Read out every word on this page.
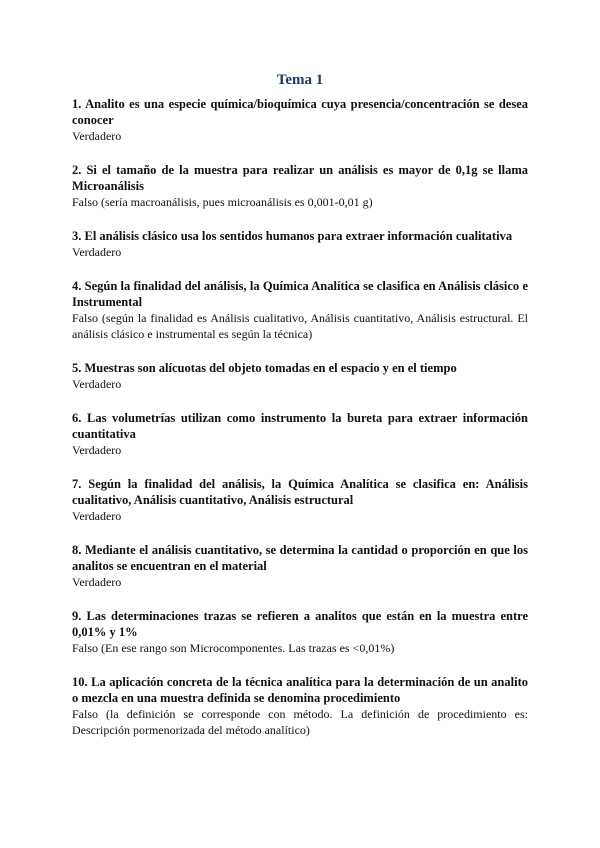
Tema 1

1. Analito es una especie química/bioquímica cuya presencia/concentración se desea conocer

Verdadero

2. Si el tamaño de la muestra para realizar un análisis es mayor de 0,1g se llama Microanálisis

Falso (sería macroanálisis, pues microanálisis es 0,001-0,01 g)

3. El análisis clásico usa los sentidos humanos para extraer información cualitativa

Verdadero

4. Según la finalidad del análisis, la Química Analítica se clasifica en Análisis clásico e Instrumental

Falso (según la finalidad es Análisis cualitativo, Análisis cuantitativo, Análisis estructural. El análisis clásico e instrumental es según la técnica)

5. Muestras son alícuotas del objeto tomadas en el espacio y en el tiempo

Verdadero

6. Las volumetrías utilizan como instrumento la bureta para extraer información cuantitativa

Verdadero

7. Según la finalidad del análisis, la Química Analítica se clasifica en: Análisis cualitativo, Análisis cuantitativo, Análisis estructural

Verdadero

8. Mediante el análisis cuantitativo, se determina la cantidad o proporción en que los analitos se encuentran en el material

Verdadero

9. Las determinaciones trazas se refieren a analitos que están en la muestra entre 0,01% y 1%

Falso (En ese rango son Microcomponentes. Las trazas es <0,01%)

10. La aplicación concreta de la técnica analítica para la determinación de un analito o mezcla en una muestra definida se denomina procedimiento

Falso (la definición se corresponde con método. La definición de procedimiento es: Descripción pormenorizada del método analítico)
